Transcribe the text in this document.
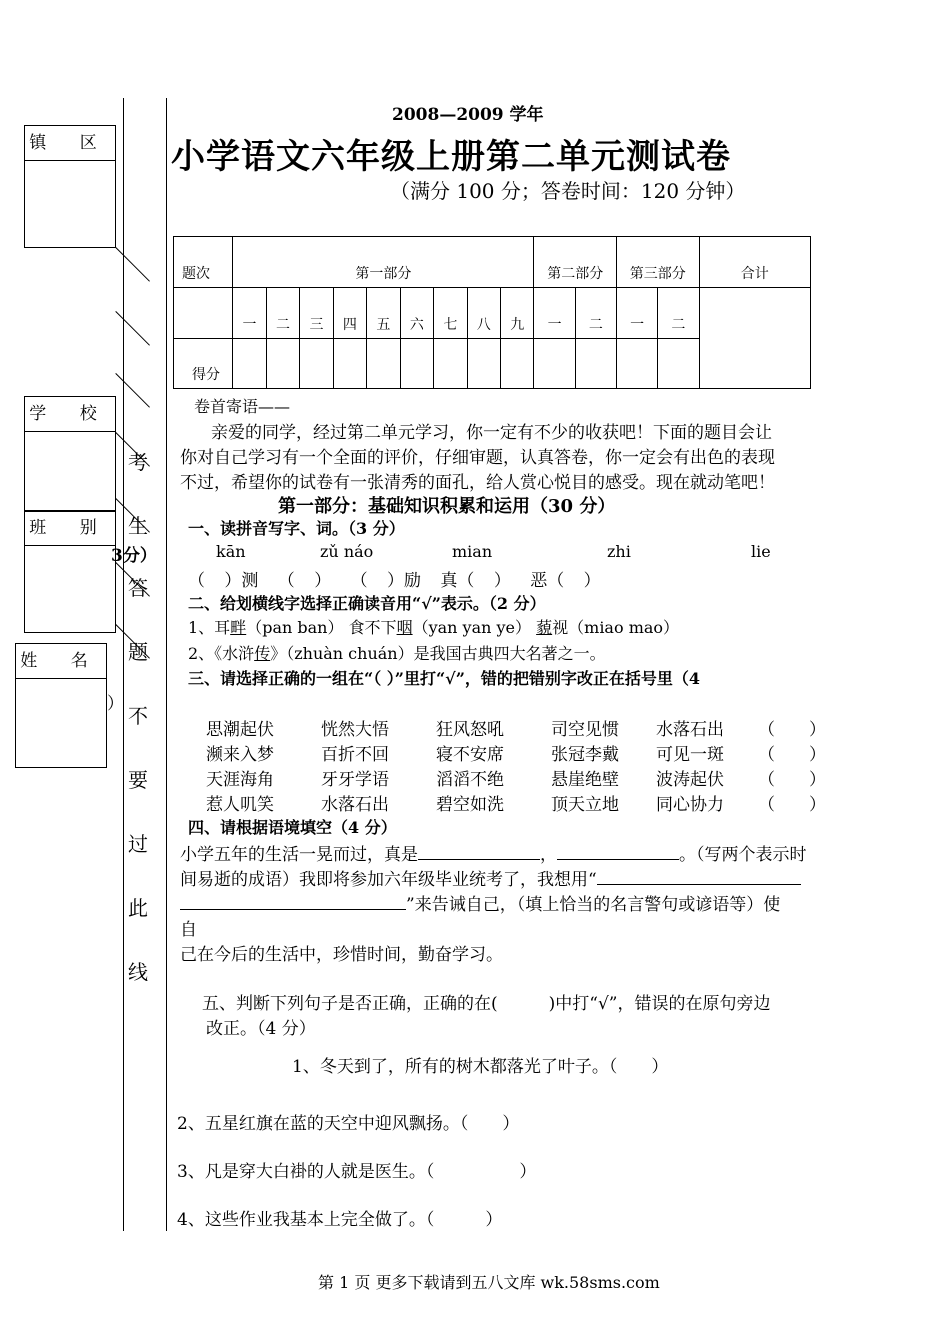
镇 区
学 校
班 别
姓 名
3分）
）
考
生
答
题
不
要
过
此
线
2008—2009 学年
小学语文六年级上册第二单元测试卷
（满分 100 分；答卷时间：120 分钟）
题次	第一部分									第二部分		第三部分		合计
	一	二	三	四	五	六	七	八	九	一	二	一	二	
得分														
卷首寄语——
亲爱的同学，经过第二单元学习，你一定有不少的收获吧！下面的题目会让
你对自己学习有一个全面的评价，仔细审题，认真答卷，你一定会有出色的表现
不过，希望你的试卷有一张清秀的面孔，给人赏心悦目的感受。现在就动笔吧！
第一部分：基础知识积累和运用（30 分）
一、读拼音写字、词。（3 分）
kān	zǔ náo	mian	zhi	lie
（ ）测 （ ） （ ）励 真（ ） 恶（ ）
二、给划横线字选择正确读音用“√”表示。（2 分）
1、耳畔（pan ban） 食不下咽（yan yan ye） 藐视（miao mao）
2、《水浒传》（zhuàn chuán）是我国古典四大名著之一。
三、请选择正确的一组在“（ ）”里打“√”，错的把错别字改正在括号里（4
思潮起伏	恍然大悟	狂风怒吼	司空见惯 水落石出 （　　）
濒来入梦	百折不回	寝不安席	张冠李戴 可见一斑 （　　）
天涯海角	牙牙学语	滔滔不绝	悬崖绝壁 波涛起伏 （　　）
惹人叽笑	水落石出	碧空如洗	顶天立地 同心协力 （　　）
四、请根据语境填空（4 分）
小学五年的生活一晃而过，真是	，	。（写两个表示时
间易逝的成语）我即将参加六年级毕业统考了，我想用“
”来告诫自己，（填上恰当的名言警句或谚语等）使
自
己在今后的生活中，珍惜时间，勤奋学习。
五、判断下列句子是否正确，正确的在(　　　)中打“√”，错误的在原句旁边
改正。（4 分）
1、冬天到了，所有的树木都落光了叶子。（　　）
2、五星红旗在蓝的天空中迎风飘扬。（　　）
3、凡是穿大白褂的人就是医生。（　　　　　）
4、这些作业我基本上完全做了。（　　　）
第 1 页 更多下载请到五八文库 wk.58sms.com
